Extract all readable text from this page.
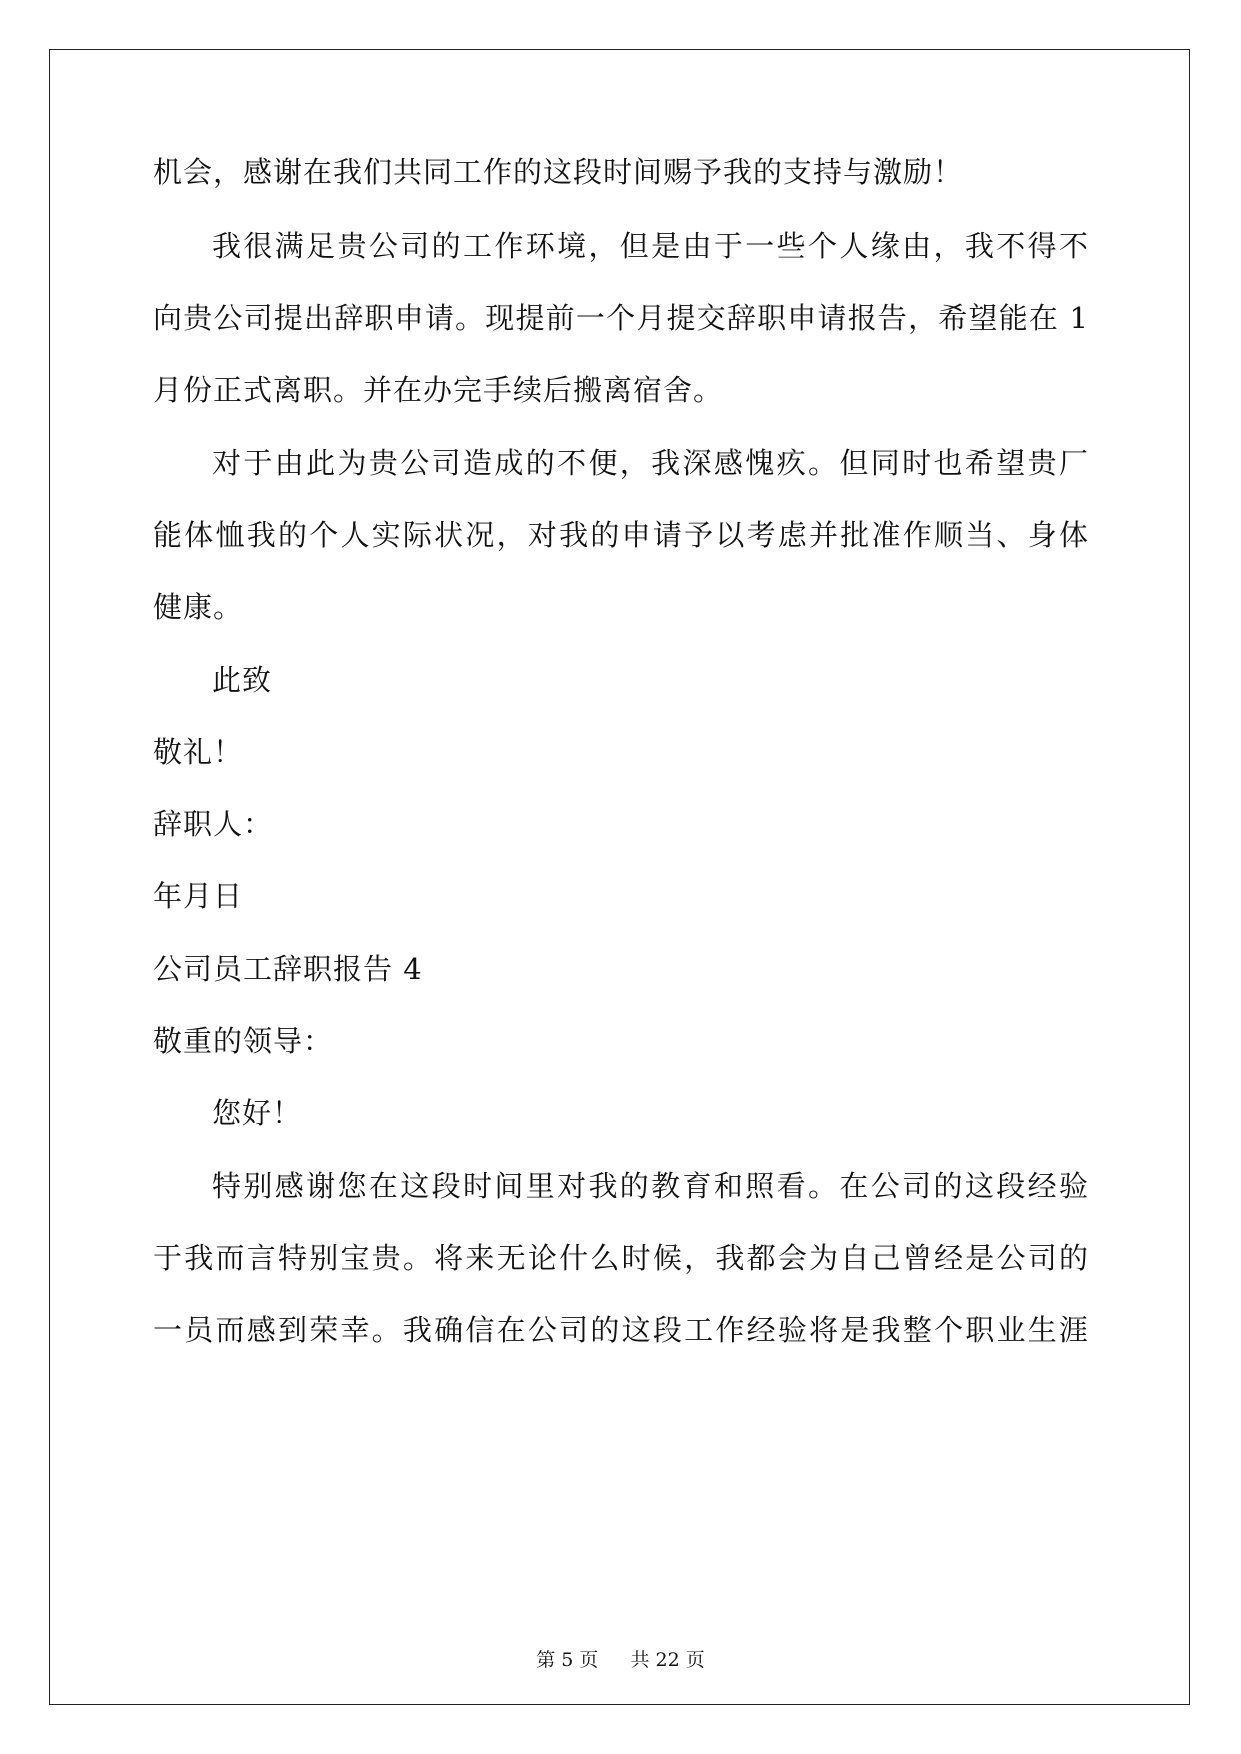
机会，感谢在我们共同工作的这段时间赐予我的支持与激励！
我很满足贵公司的工作环境，但是由于一些个人缘由，我不得不
向贵公司提出辞职申请。现提前一个月提交辞职申请报告，希望能在 1
月份正式离职。并在办完手续后搬离宿舍。
对于由此为贵公司造成的不便，我深感愧疚。但同时也希望贵厂
能体恤我的个人实际状况，对我的申请予以考虑并批准作顺当、身体
健康。
此致
敬礼！
辞职人：
年月日
公司员工辞职报告 4
敬重的领导：
您好！
特别感谢您在这段时间里对我的教育和照看。在公司的这段经验
于我而言特别宝贵。将来无论什么时候，我都会为自己曾经是公司的
一员而感到荣幸。我确信在公司的这段工作经验将是我整个职业生涯
第 5 页 共 22 页
